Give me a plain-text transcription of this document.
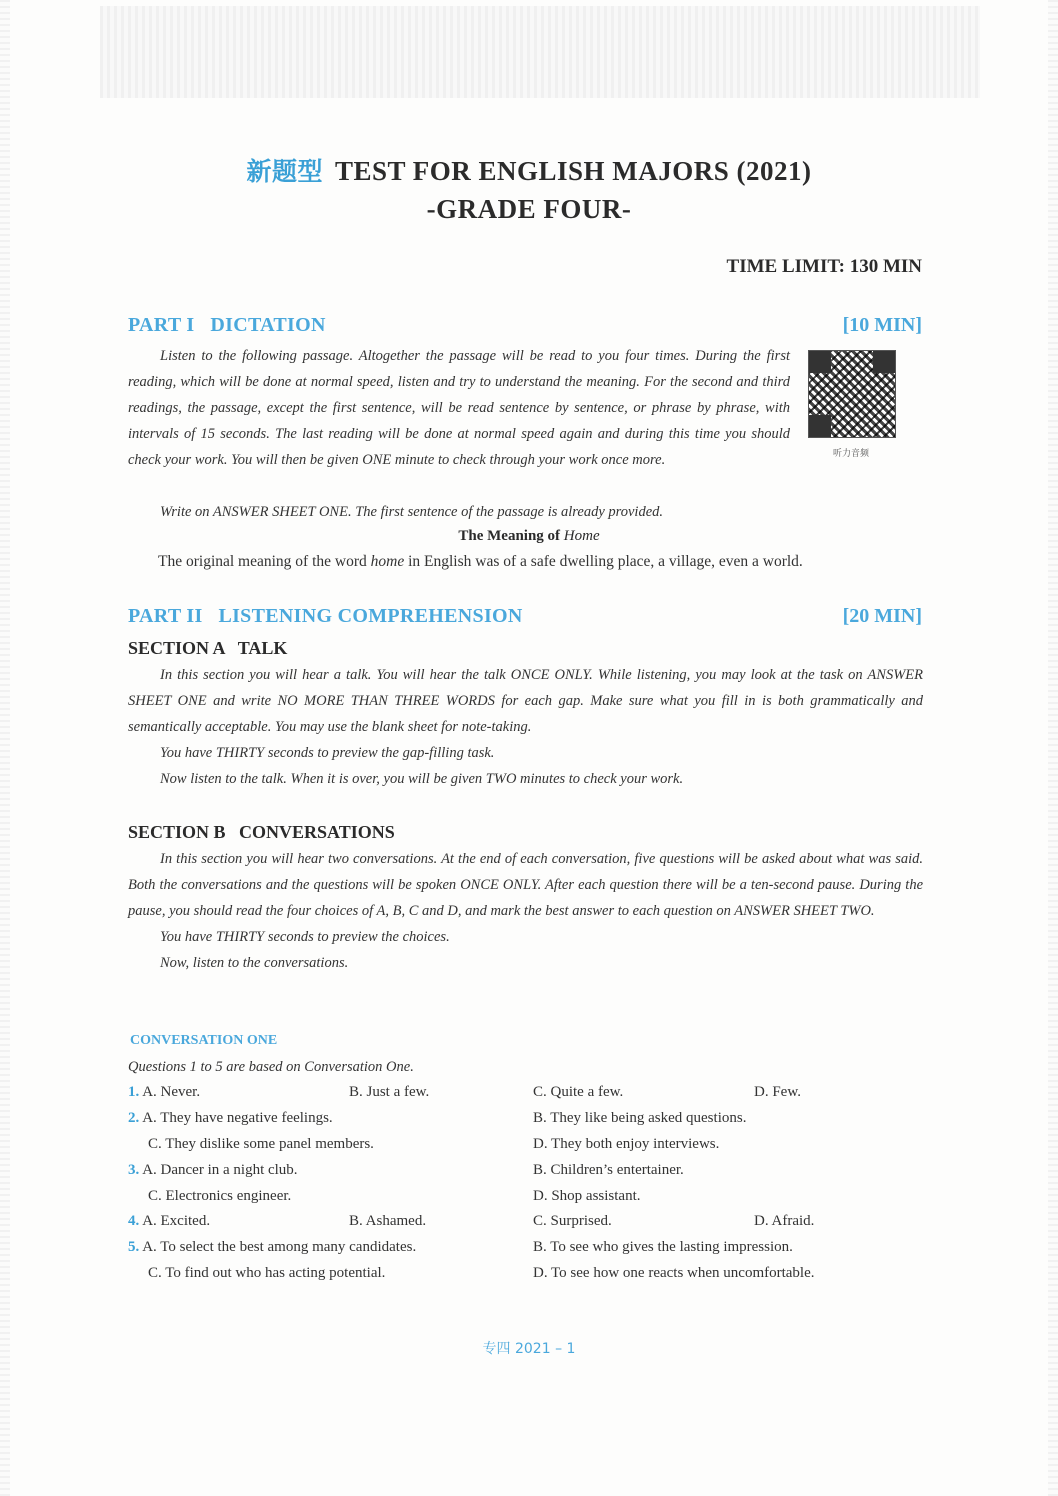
新题型 TEST FOR ENGLISH MAJORS (2021)
-GRADE FOUR-
TIME LIMIT: 130 MIN
PART I   DICTATION	[10 MIN]

Listen to the following passage. Altogether the passage will be read to you four times. During the first reading, which will be done at normal speed, listen and try to understand the meaning. For the second and third readings, the passage, except the first sentence, will be read sentence by sentence, or phrase by phrase, with intervals of 15 seconds. The last reading will be done at normal speed again and during this time you should check your work. You will then be given ONE minute to check through your work once more.

Write on ANSWER SHEET ONE. The first sentence of the passage is already provided.

听力音频
The Meaning of Home
The original meaning of the word home in English was of a safe dwelling place, a village, even a world.
PART II   LISTENING COMPREHENSION	[20 MIN]
SECTION A   TALK

In this section you will hear a talk. You will hear the talk ONCE ONLY. While listening, you may look at the task on ANSWER SHEET ONE and write NO MORE THAN THREE WORDS for each gap. Make sure what you fill in is both grammatically and semantically acceptable. You may use the blank sheet for note-taking.

You have THIRTY seconds to preview the gap-filling task.

Now listen to the talk. When it is over, you will be given TWO minutes to check your work.

SECTION B   CONVERSATIONS

In this section you will hear two conversations. At the end of each conversation, five questions will be asked about what was said. Both the conversations and the questions will be spoken ONCE ONLY. After each question there will be a ten-second pause. During the pause, you should read the four choices of A, B, C and D, and mark the best answer to each question on ANSWER SHEET TWO.

You have THIRTY seconds to preview the choices.

Now, listen to the conversations.

CONVERSATION ONE

Questions 1 to 5 are based on Conversation One.

1. A. Never.	B. Just a few.	C. Quite a few.	D. Few.
2. A. They have negative feelings.	B. They like being asked questions.
C. They dislike some panel members.	D. They both enjoy interviews.
3. A. Dancer in a night club.	B. Children’s entertainer.
C. Electronics engineer.	D. Shop assistant.
4. A. Excited.	B. Ashamed.	C. Surprised.	D. Afraid.
5. A. To select the best among many candidates.	B. To see who gives the lasting impression.
C. To find out who has acting potential.	D. To see how one reacts when uncomfortable.
专四 2021 – 1
